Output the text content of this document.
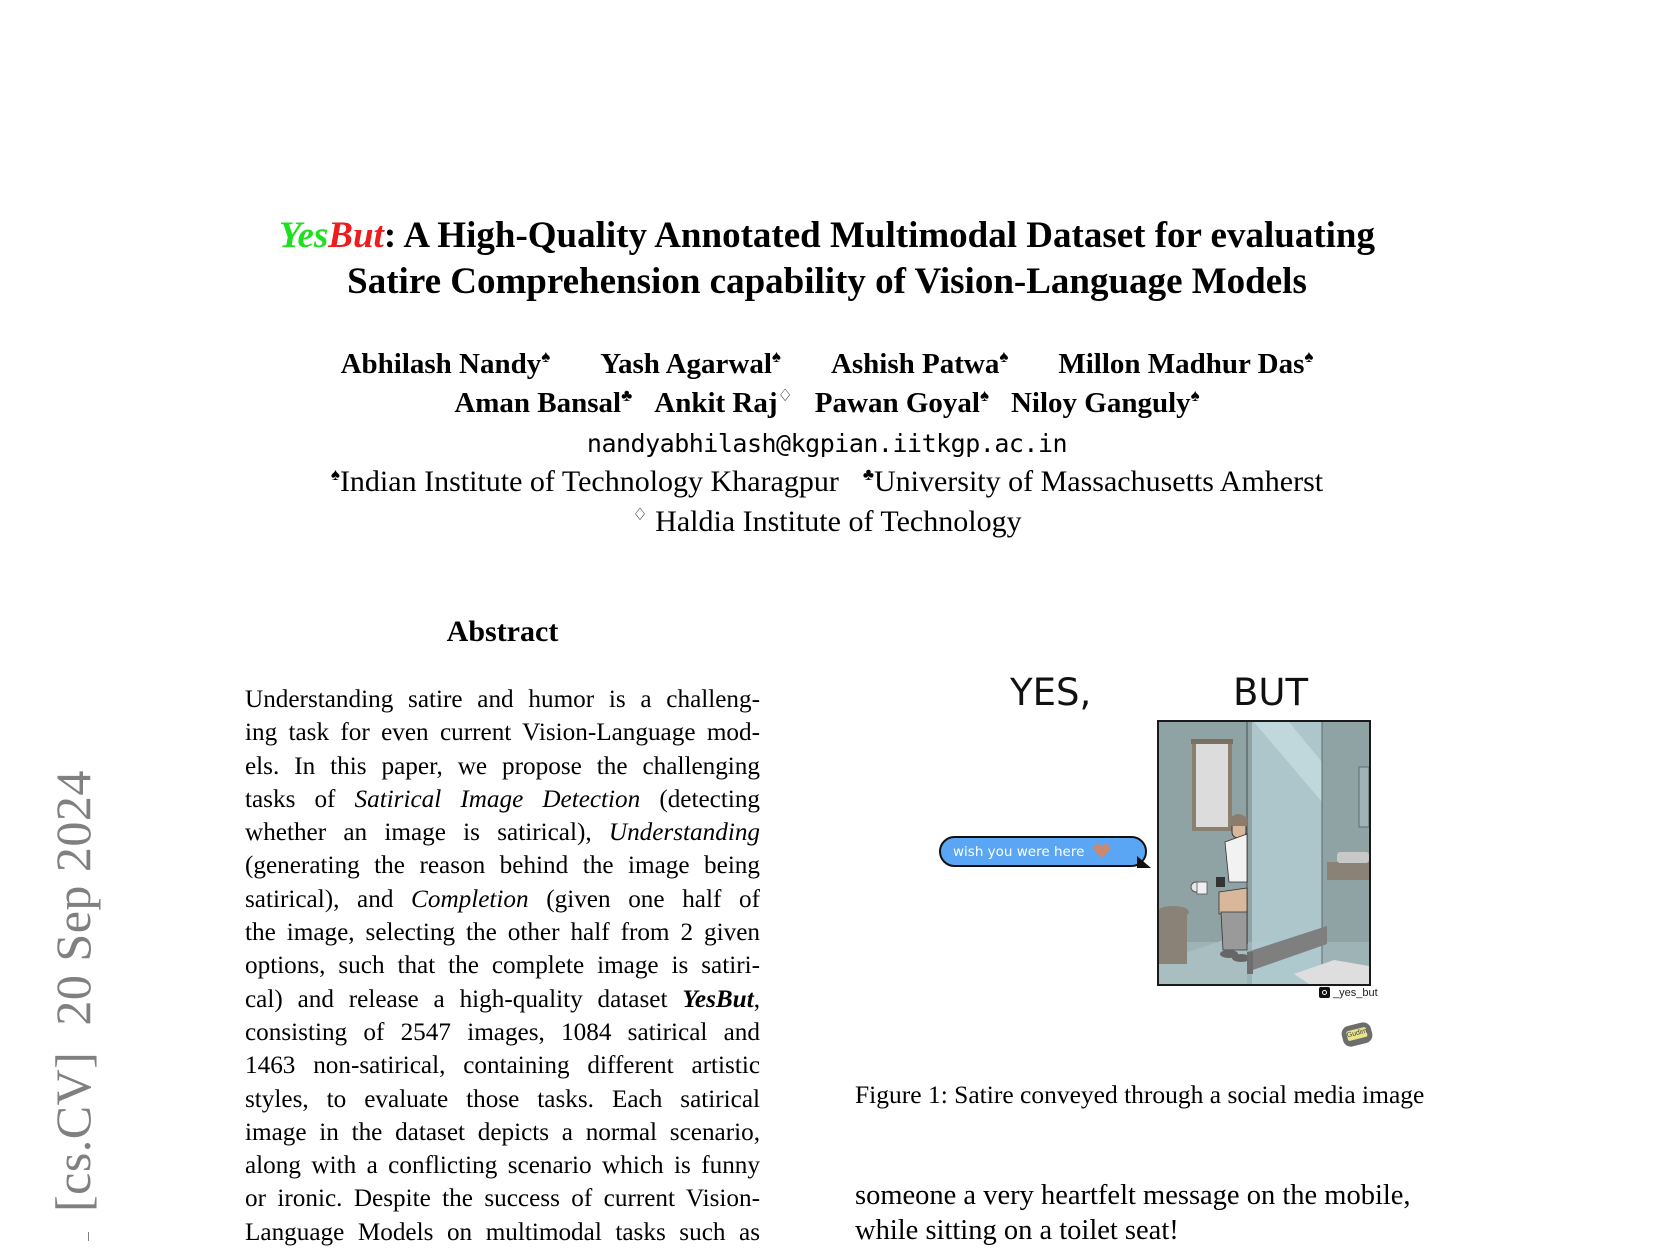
[cs.CV]20 Sep 2024
YesBut: A High-Quality Annotated Multimodal Dataset for evaluating
Satire Comprehension capability of Vision-Language Models
Abhilash Nandy♠ Yash Agarwal♠ Ashish Patwa♠ Millon Madhur Das♠
Aman Bansal♣ Ankit Raj♢ Pawan Goyal♠ Niloy Ganguly♠
nandyabhilash@kgpian.iitkgp.ac.in
♠Indian Institute of Technology Kharagpur ♣University of Massachusetts Amherst
♢ Haldia Institute of Technology
Abstract
Understanding satire and humor is a challeng-
ing task for even current Vision-Language mod-
els. In this paper, we propose the challenging
tasks of Satirical Image Detection (detecting
whether an image is satirical), Understanding
(generating the reason behind the image being
satirical), and Completion (given one half of
the image, selecting the other half from 2 given
options, such that the complete image is satiri-
cal) and release a high-quality dataset YesBut,
consisting of 2547 images, 1084 satirical and
1463 non-satirical, containing different artistic
styles, to evaluate those tasks. Each satirical
image in the dataset depicts a normal scenario,
along with a conflicting scenario which is funny
or ironic. Despite the success of current Vision-
Language Models on multimodal tasks such as
YES,	BUT
wish you were here
_yes_but
Gudim
Figure 1: Satire conveyed through a social media image
someone a very heartfelt message on the mobile,
while sitting on a toilet seat!
